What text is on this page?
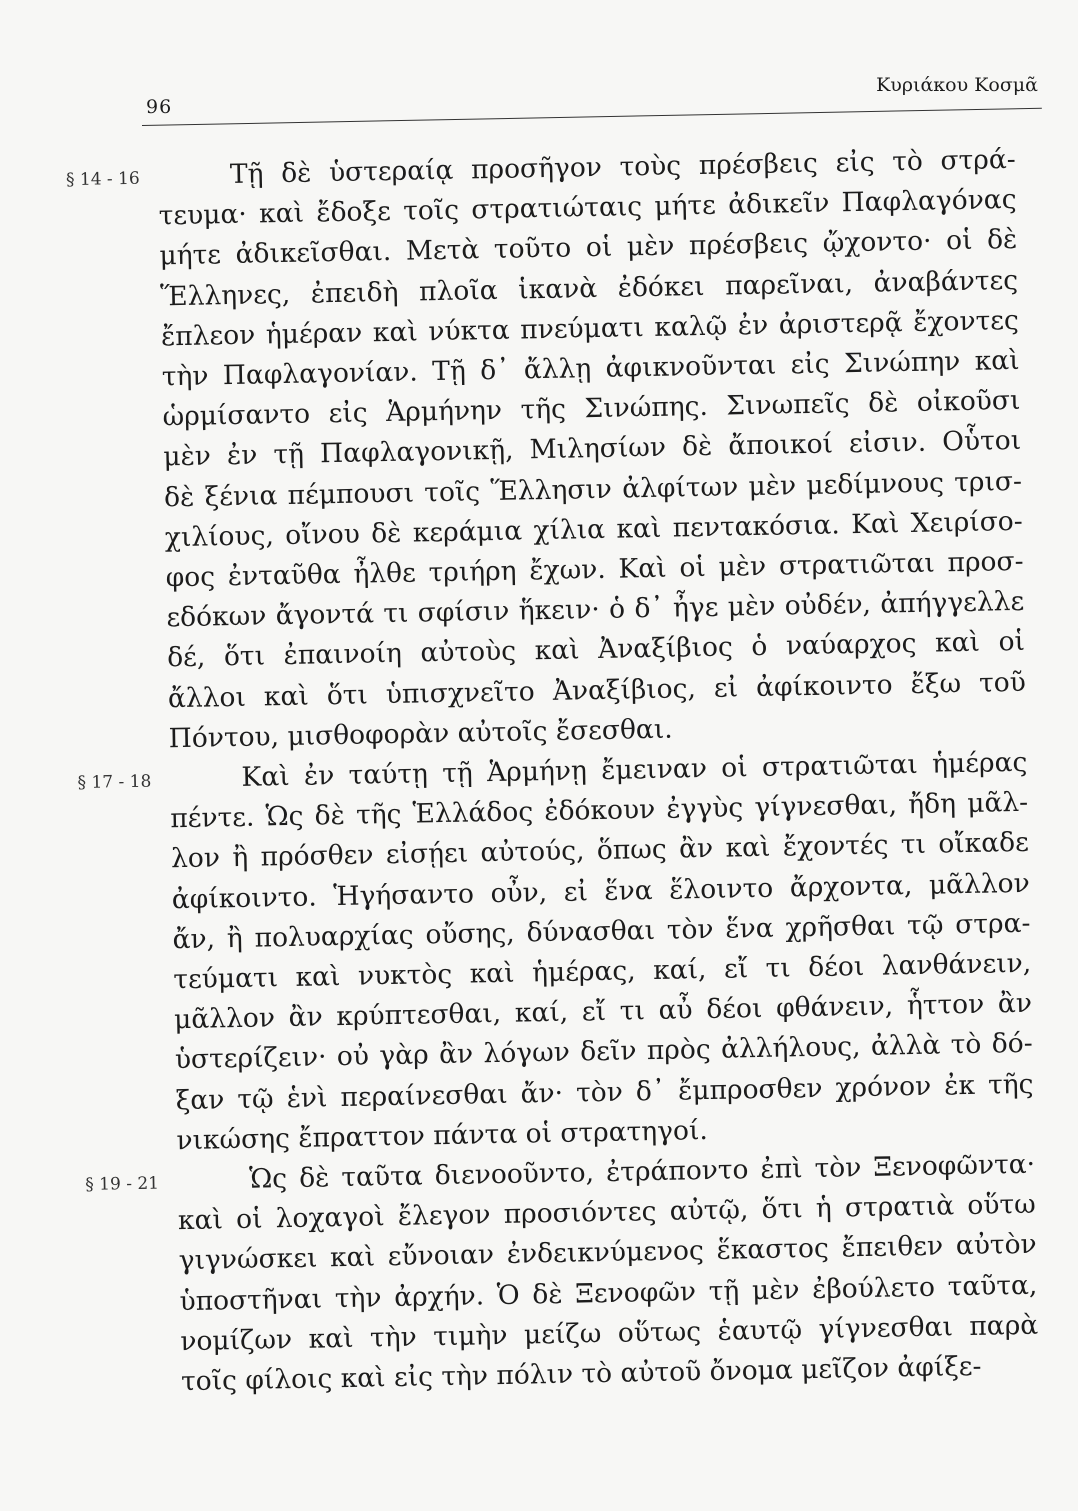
96
Κυριάκου Κοσμᾶ
§ 14 - 16	Τῇ δὲ ὑστεραίᾳ προσῆγον τοὺς πρέσβεις εἰς τὸ στρά-
τευμα· καὶ ἔδοξε τοῖς στρατιώταις μήτε ἀδικεῖν Παφλαγόνας
μήτε ἀδικεῖσθαι. Μετὰ τοῦτο οἱ μὲν πρέσβεις ᾤχοντο· οἱ δὲ
Ἕλληνες, ἐπειδὴ πλοῖα ἱκανὰ ἐδόκει παρεῖναι, ἀναβάντες
ἔπλεον ἡμέραν καὶ νύκτα πνεύματι καλῷ ἐν ἀριστερᾷ ἔχοντες
τὴν Παφλαγονίαν. Τῇ δ᾽ ἄλλῃ ἀφικνοῦνται εἰς Σινώπην καὶ
ὡρμίσαντο εἰς Ἁρμήνην τῆς Σινώπης. Σινωπεῖς δὲ οἰκοῦσι
μὲν ἐν τῇ Παφλαγονικῇ, Μιλησίων δὲ ἄποικοί εἰσιν. Οὗτοι
δὲ ξένια πέμπουσι τοῖς Ἕλλησιν ἀλφίτων μὲν μεδίμνους τρισ-
χιλίους, οἴνου δὲ κεράμια χίλια καὶ πεντακόσια. Καὶ Χειρίσο-
φος ἐνταῦθα ἦλθε τριήρη ἔχων. Καὶ οἱ μὲν στρατιῶται προσ-
εδόκων ἄγοντά τι σφίσιν ἥκειν· ὁ δ᾽ ἦγε μὲν οὐδέν, ἀπήγγελλε
δέ, ὅτι ἐπαινοίη αὐτοὺς καὶ Ἀναξίβιος ὁ ναύαρχος καὶ οἱ
ἄλλοι καὶ ὅτι ὑπισχνεῖτο Ἀναξίβιος, εἰ ἀφίκοιντο ἔξω τοῦ
Πόντου, μισθοφορὰν αὐτοῖς ἔσεσθαι.
§ 17 - 18	Καὶ ἐν ταύτῃ τῇ Ἁρμήνῃ ἔμειναν οἱ στρατιῶται ἡμέρας
πέντε. Ὡς δὲ τῆς Ἑλλάδος ἐδόκουν ἐγγὺς γίγνεσθαι, ἤδη μᾶλ-
λον ἢ πρόσθεν εἰσῄει αὐτούς, ὅπως ἂν καὶ ἔχοντές τι οἴκαδε
ἀφίκοιντο. Ἡγήσαντο οὖν, εἰ ἕνα ἕλοιντο ἄρχοντα, μᾶλλον
ἄν, ἢ πολυαρχίας οὔσης, δύνασθαι τὸν ἕνα χρῆσθαι τῷ στρα-
τεύματι καὶ νυκτὸς καὶ ἡμέρας, καί, εἴ τι δέοι λανθάνειν,
μᾶλλον ἂν κρύπτεσθαι, καί, εἴ τι αὖ δέοι φθάνειν, ἧττον ἂν
ὑστερίζειν· οὐ γὰρ ἂν λόγων δεῖν πρὸς ἀλλήλους, ἀλλὰ τὸ δό-
ξαν τῷ ἑνὶ περαίνεσθαι ἄν· τὸν δ᾽ ἔμπροσθεν χρόνον ἐκ τῆς
νικώσης ἔπραττον πάντα οἱ στρατηγοί.
§ 19 - 21	Ὡς δὲ ταῦτα διενοοῦντο, ἐτράποντο ἐπὶ τὸν Ξενοφῶντα·
καὶ οἱ λοχαγοὶ ἔλεγον προσιόντες αὐτῷ, ὅτι ἡ στρατιὰ οὕτω
γιγνώσκει καὶ εὔνοιαν ἐνδεικνύμενος ἕκαστος ἔπειθεν αὐτὸν
ὑποστῆναι τὴν ἀρχήν. Ὁ δὲ Ξενοφῶν τῇ μὲν ἐβούλετο ταῦτα,
νομίζων καὶ τὴν τιμὴν μείζω οὕτως ἑαυτῷ γίγνεσθαι παρὰ
τοῖς φίλοις καὶ εἰς τὴν πόλιν τὸ αὐτοῦ ὄνομα μεῖζον ἀφίξε-
